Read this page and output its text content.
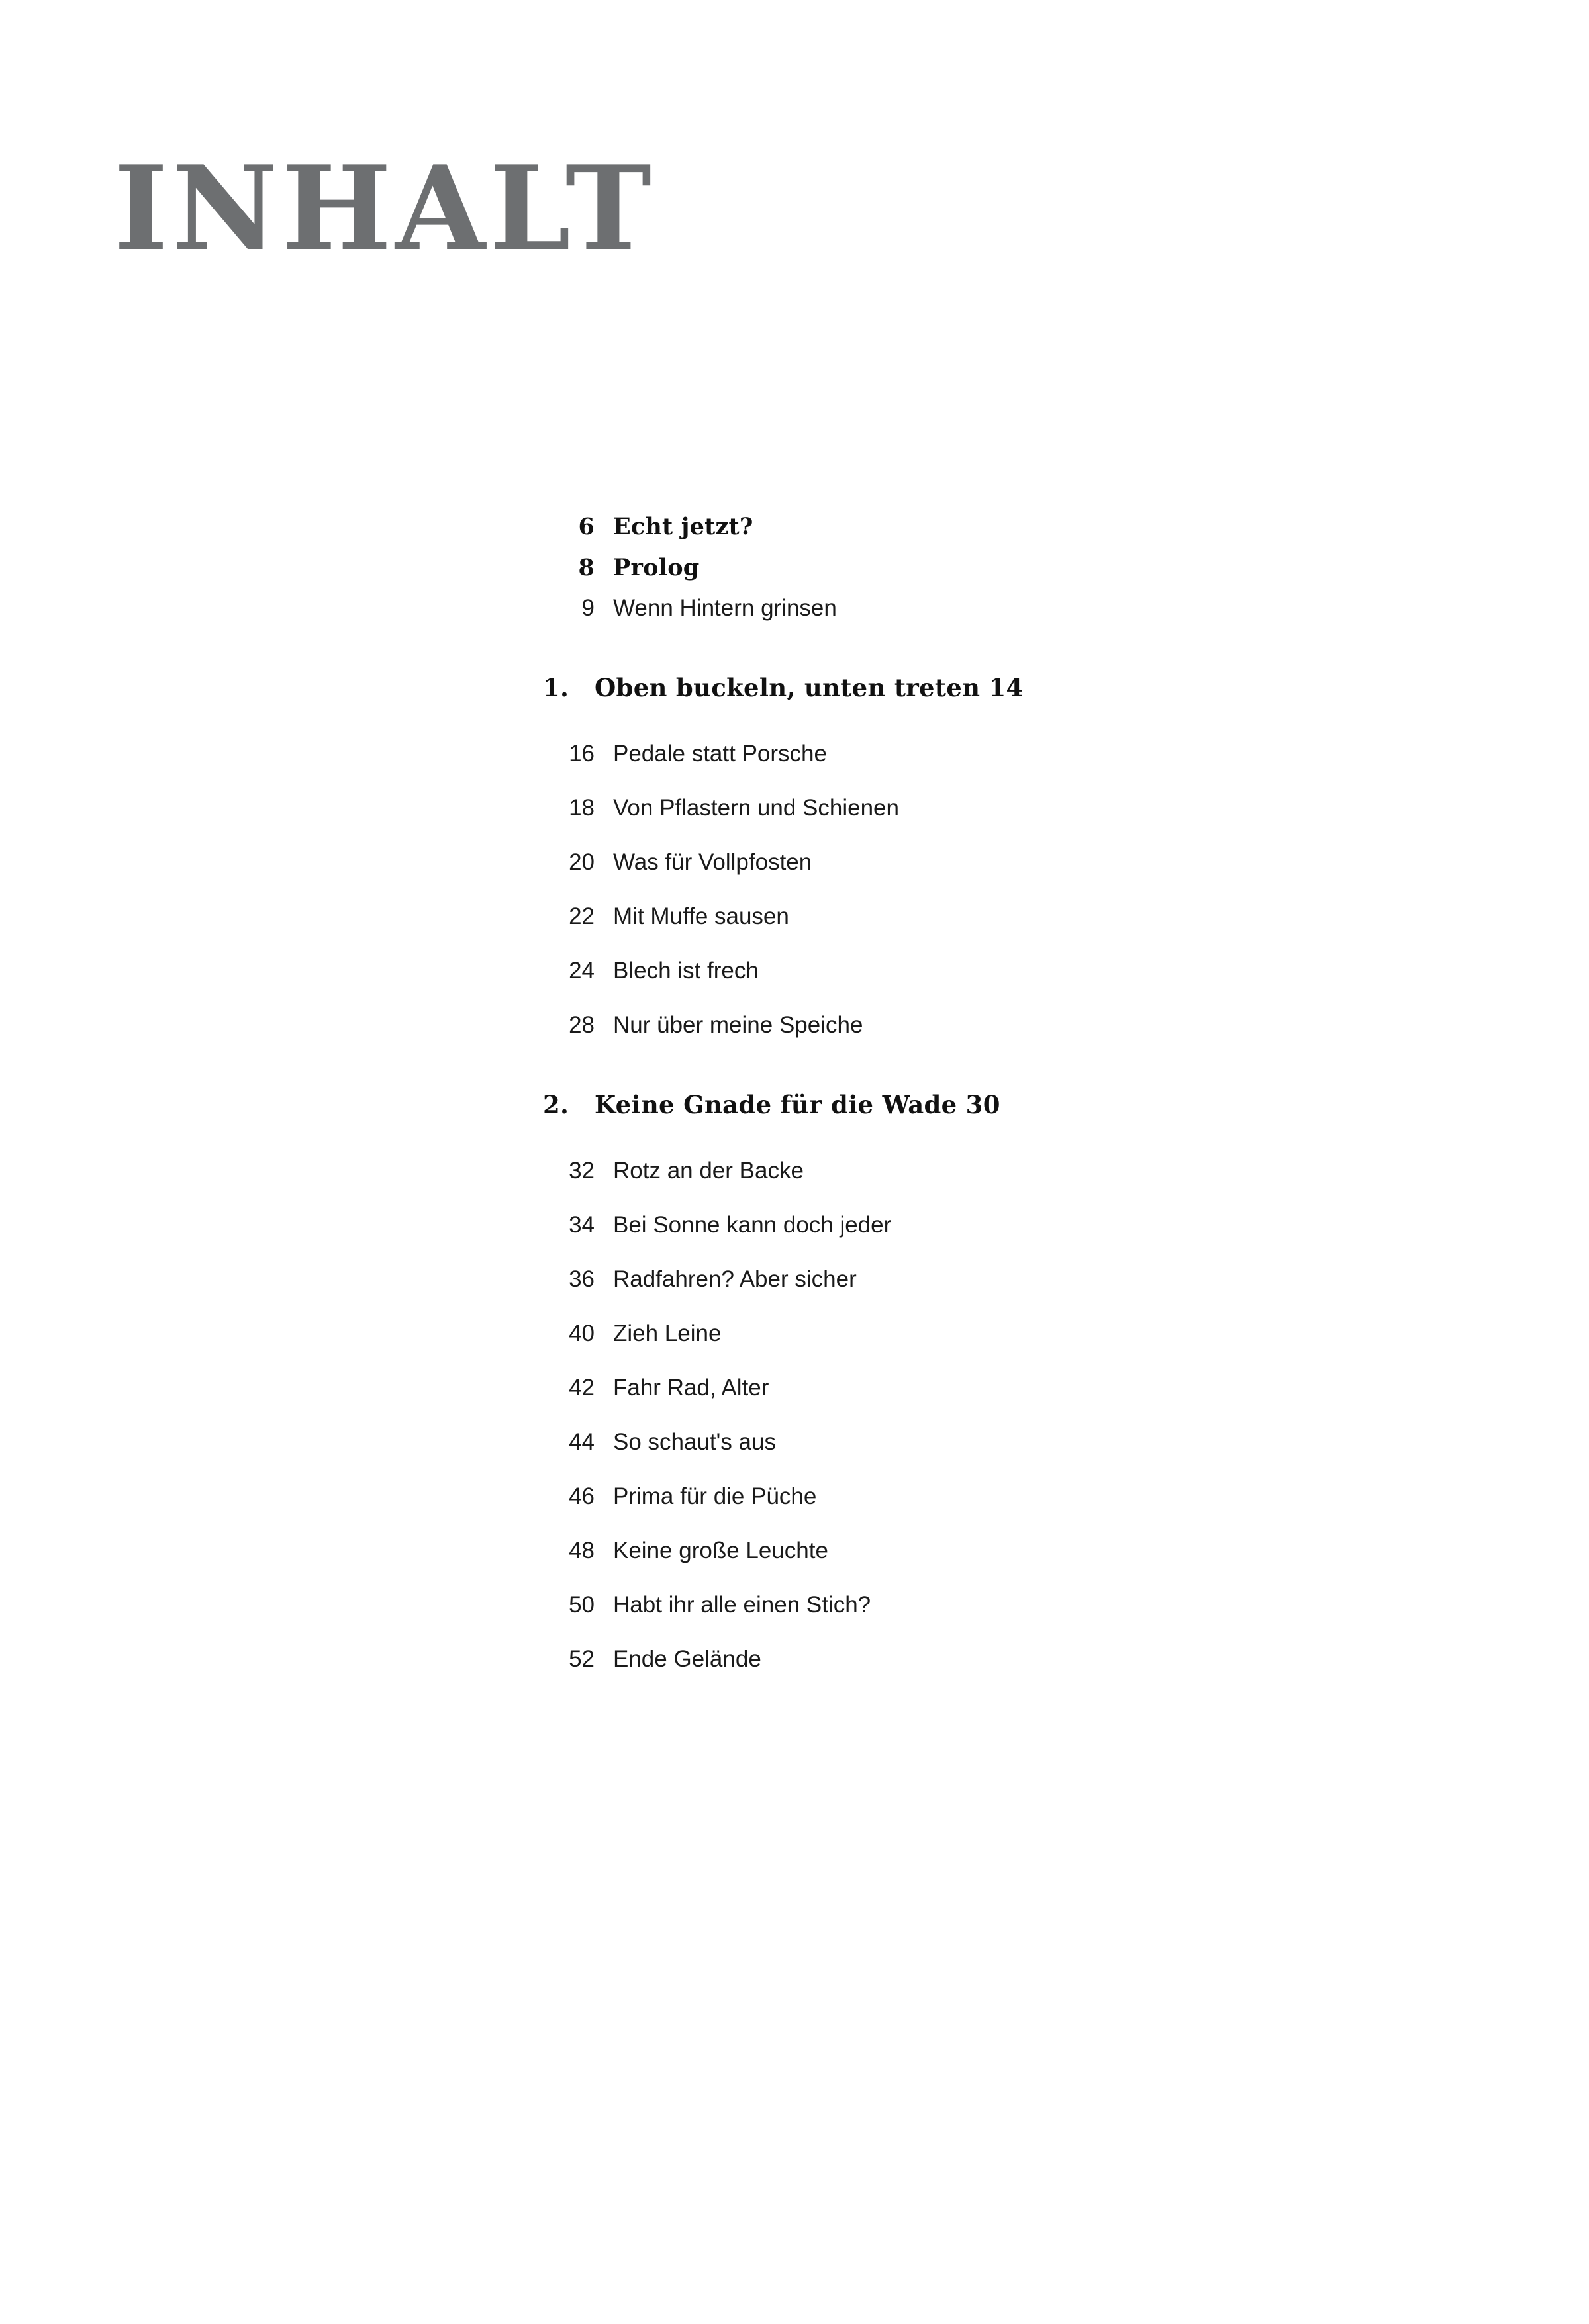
INHALT
6 Echt jetzt?
8 Prolog
9 Wenn Hintern grinsen
1.	Oben buckeln, unten treten 14
16 Pedale statt Porsche
18 Von Pflastern und Schienen
20 Was für Vollpfosten
22 Mit Muffe sausen
24 Blech ist frech
28 Nur über meine Speiche
2.	Keine Gnade für die Wade 30
32 Rotz an der Backe
34 Bei Sonne kann doch jeder
36 Radfahren? Aber sicher
40 Zieh Leine
42 Fahr Rad, Alter
44 So schaut's aus
46 Prima für die Püche
48 Keine große Leuchte
50 Habt ihr alle einen Stich?
52 Ende Gelände
